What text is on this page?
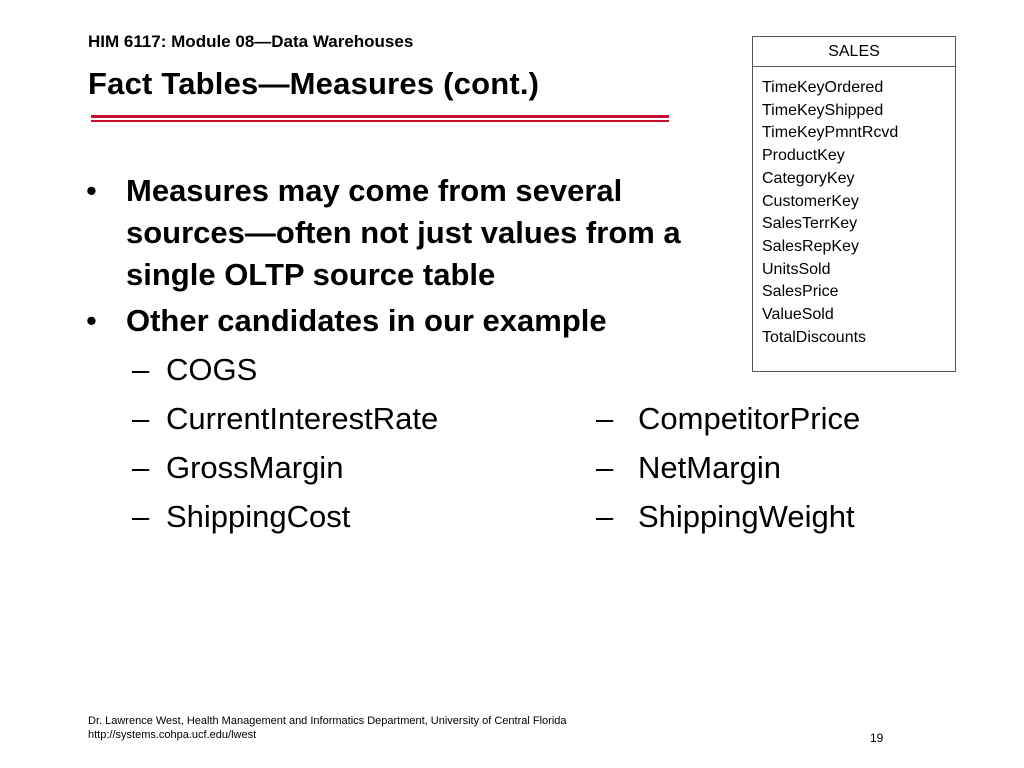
HIM 6117: Module 08—Data Warehouses
Fact Tables—Measures (cont.)
• Measures may come from several
sources—often not just values from a
single OLTP source table
• Other candidates in our example
– COGS
– CurrentInterestRate
– GrossMargin
– ShippingCost
– CompetitorPrice
– NetMargin
– ShippingWeight
SALES
TimeKeyOrdered
TimeKeyShipped
TimeKeyPmntRcvd
ProductKey
CategoryKey
CustomerKey
SalesTerrKey
SalesRepKey
UnitsSold
SalesPrice
ValueSold
TotalDiscounts
Dr. Lawrence West, Health Management and Informatics Department, University of Central Florida
http://systems.cohpa.ucf.edu/lwest	19
